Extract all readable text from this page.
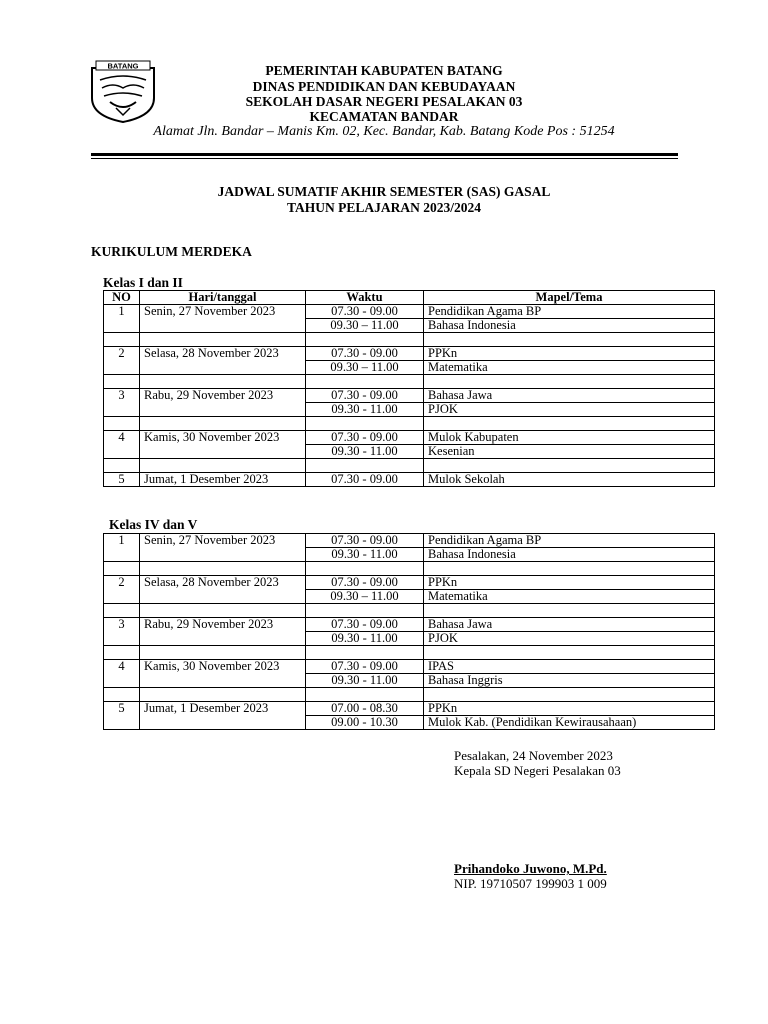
BATANG	PEMERINTAH KABUPATEN BATANG
DINAS PENDIDIKAN DAN KEBUDAYAAN
SEKOLAH DASAR NEGERI PESALAKAN 03
KECAMATAN BANDAR
Alamat Jln. Bandar – Manis Km. 02, Kec. Bandar, Kab. Batang Kode Pos : 51254
JADWAL SUMATIF AKHIR SEMESTER (SAS) GASAL
TAHUN PELAJARAN 2023/2024
KURIKULUM MERDEKA
Kelas I dan II
NO	Hari/tanggal	Waktu	Mapel/Tema
1	Senin, 27 November 2023	07.30 - 09.00	Pendidikan Agama BP
		09.30 – 11.00	Bahasa Indonesia

2	Selasa, 28 November 2023	07.30 - 09.00	PPKn
		09.30 – 11.00	Matematika

3	Rabu, 29 November 2023	07.30 - 09.00	Bahasa Jawa
		09.30 - 11.00	PJOK

4	Kamis, 30 November 2023	07.30 - 09.00	Mulok Kabupaten
		09.30 - 11.00	Kesenian

5	Jumat, 1 Desember 2023	07.30 - 09.00	Mulok Sekolah
Kelas IV dan V
1	Senin, 27 November 2023	07.30 - 09.00	Pendidikan Agama BP
		09.30 - 11.00	Bahasa Indonesia

2	Selasa, 28 November 2023	07.30 - 09.00	PPKn
		09.30 – 11.00	Matematika

3	Rabu, 29 November 2023	07.30 - 09.00	Bahasa Jawa
		09.30 - 11.00	PJOK

4	Kamis, 30 November 2023	07.30 - 09.00	IPAS
		09.30 - 11.00	Bahasa Inggris

5	Jumat, 1 Desember 2023	07.00 - 08.30	PPKn
		09.00 - 10.30	Mulok Kab. (Pendidikan Kewirausahaan)
Pesalakan, 24 November 2023
Kepala SD Negeri Pesalakan 03
Prihandoko Juwono, M.Pd.
NIP. 19710507 199903 1 009
